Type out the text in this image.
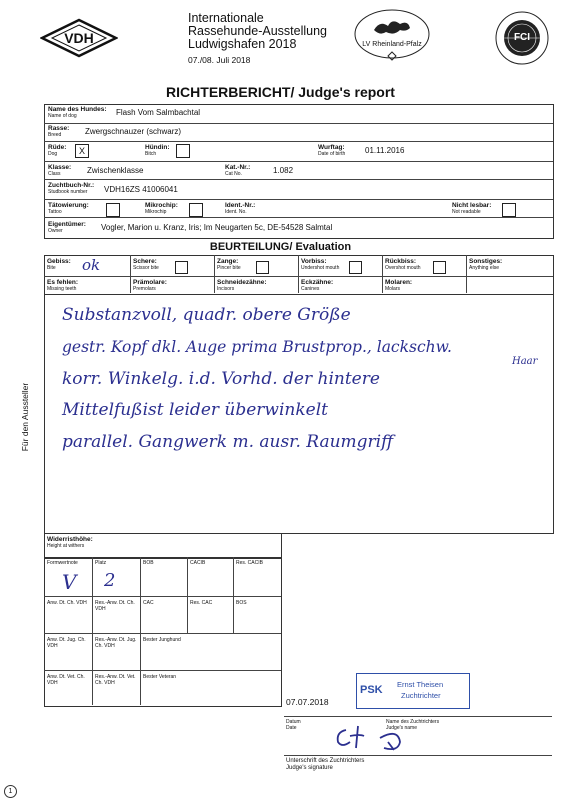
VDH
Internationale
Rassehunde-Ausstellung
Ludwigshafen 2018
07./08. Juli 2018
LV Rheinland-Pfalz
FCI
RICHTERBERICHT/ Judge's report
Name des Hundes:
Name of dog	Flash Vom Salmbachtal
Rasse:
Breed	Zwergschnauzer (schwarz)
Rüde:
Dog	X	Hündin:
Bitch
Wurftag:
Date of birth 01.11.2016
Klasse:
Class	Zwischenklasse	Kat.-Nr.:
Cat No.	1.082
Zuchtbuch-Nr.:
Studbook number	VDH16ZS 41006041
Tätowierung:
Tattoo
Mikrochip:
Mikrochip
Ident.-Nr.:
Ident. No.
Nicht lesbar:
Not readable
Eigentümer:
Owner	Vogler, Marion u. Kranz, Iris; Im Neugarten 5c, DE-54528 Salmtal
BEURTEILUNG/ Evaluation
Gebiss:
Bite	ok	Schere:
Scissor bite
Zange:
Pincer bite
Vorbiss:
Undershot mouth
Rückbiss:
Overshot mouth
Sonstiges:
Anything else
Es fehlen:
Missing teeth
Prämolare:
Premolars
Schneidezähne:
Incisors
Eckzähne:
Canines
Molaren:
Molars
Haar
Substanzvoll, quadr. obere Größe
gestr. Kopf dkl. Auge prima Brustprop., lackschw.
korr. Winkelg. i.d. Vorhd. der hintere
Mittelfußist leider überwinkelt
parallel. Gangwerk m. ausr. Raumgriff
Für den Aussteller
Widerristhöhe:
Height at withers
Formwertnote	Platz	BOB	CACIB	Res. CACIB
V 2
Anw. Dt. Ch. VDH	Res.-Anw. Dt. Ch. VDH
CAC	Res. CAC	BOS
Anw. Dt. Jug. Ch. VDH
Res.-Anw. Dt. Jug. Ch. VDH
Bester Junghund
Anw. Dt. Vet. Ch. VDH
Res.-Anw. Dt. Vet. Ch. VDH
Bester Veteran
PSK Ernst Theisen
Zuchtrichter
07.07.2018
Datum
Date
Name des Zuchtrichters
Judge's name
Unterschrift des Zuchtrichters
Judge's signature
1
